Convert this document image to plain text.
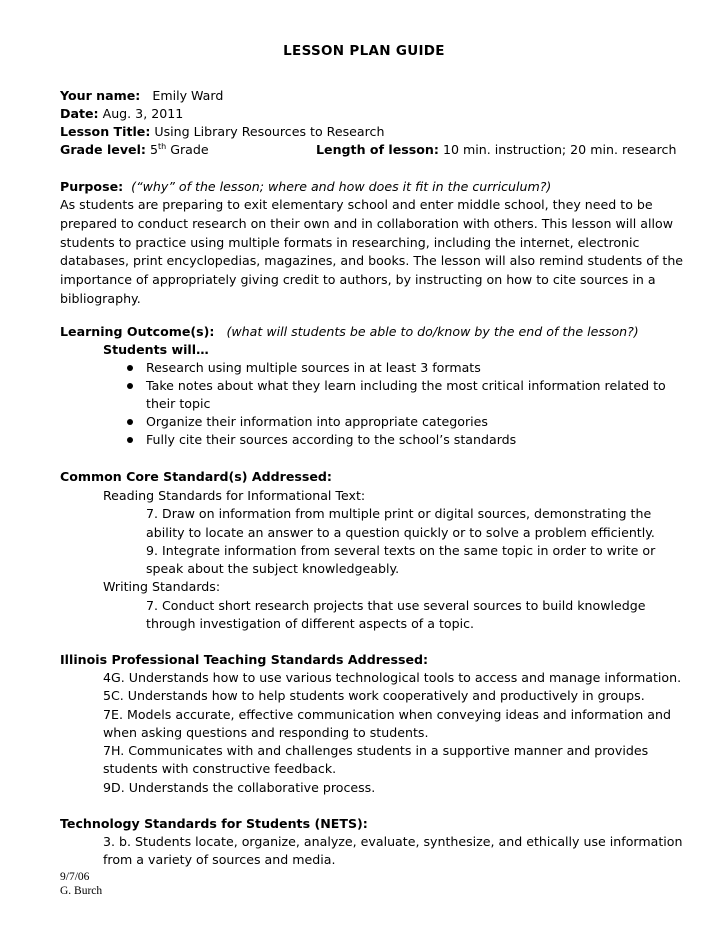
LESSON PLAN GUIDE
Your name: Emily Ward
Date: Aug. 3, 2011
Lesson Title: Using Library Resources to Research
Grade level: 5th Grade	Length of lesson: 10 min. instruction; 20 min. research
Purpose: (“why” of the lesson; where and how does it fit in the curriculum?)
As students are preparing to exit elementary school and enter middle school, they need to be
prepared to conduct research on their own and in collaboration with others. This lesson will allow
students to practice using multiple formats in researching, including the internet, electronic
databases, print encyclopedias, magazines, and books. The lesson will also remind students of the
importance of appropriately giving credit to authors, by instructing on how to cite sources in a
bibliography.
Learning Outcome(s): (what will students be able to do/know by the end of the lesson?)
Students will…
Research using multiple sources in at least 3 formats
Take notes about what they learn including the most critical information related to
their topic
Organize their information into appropriate categories
Fully cite their sources according to the school’s standards
Common Core Standard(s) Addressed:
Reading Standards for Informational Text:
7. Draw on information from multiple print or digital sources, demonstrating the
ability to locate an answer to a question quickly or to solve a problem efficiently.
9. Integrate information from several texts on the same topic in order to write or
speak about the subject knowledgeably.
Writing Standards:
7. Conduct short research projects that use several sources to build knowledge
through investigation of different aspects of a topic.
Illinois Professional Teaching Standards Addressed:
4G. Understands how to use various technological tools to access and manage information.
5C. Understands how to help students work cooperatively and productively in groups.
7E. Models accurate, effective communication when conveying ideas and information and
when asking questions and responding to students.
7H. Communicates with and challenges students in a supportive manner and provides
students with constructive feedback.
9D. Understands the collaborative process.
Technology Standards for Students (NETS):
3. b. Students locate, organize, analyze, evaluate, synthesize, and ethically use information
from a variety of sources and media.
9/7/06
G. Burch
